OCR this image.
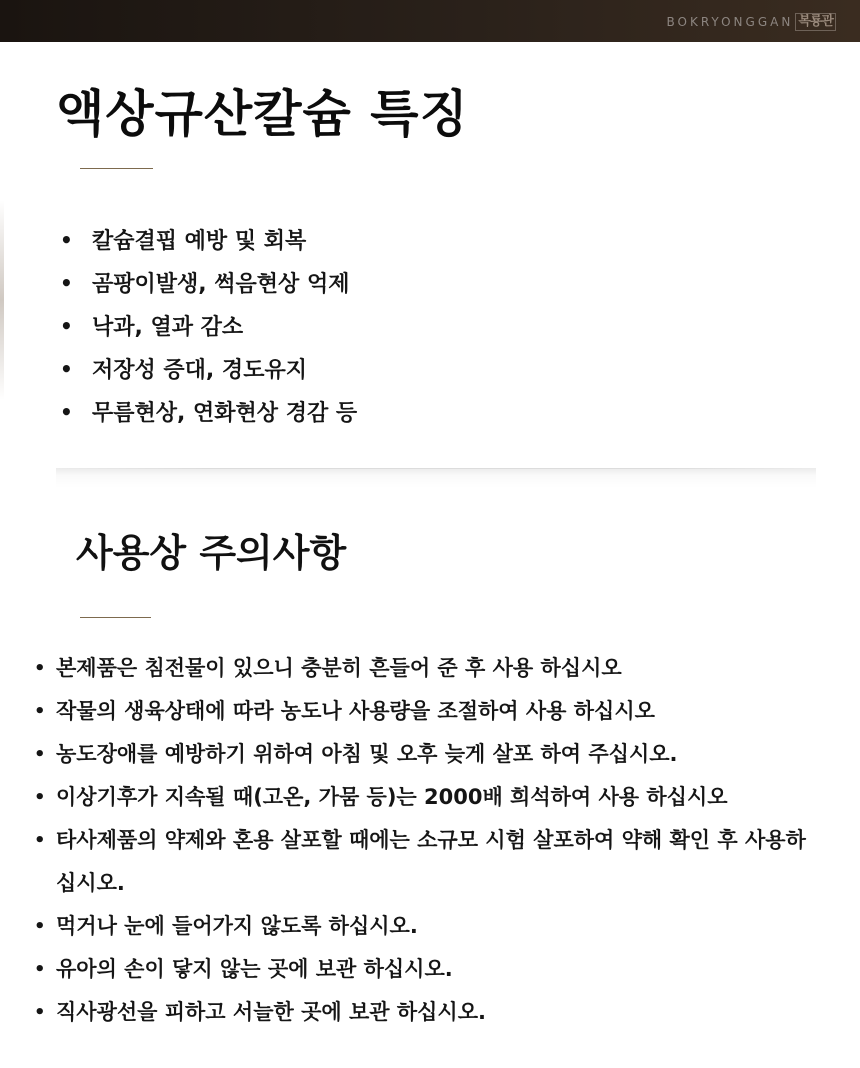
BOKRYONGGAN 복룡관
액상규산칼슘 특징
• 칼슘결핍 예방 및 회복
• 곰팡이발생, 썩음현상 억제
• 낙과, 열과 감소
• 저장성 증대, 경도유지
• 무름현상, 연화현상 경감 등
사용상 주의사항
• 본제품은 침전물이 있으니 충분히 흔들어 준 후 사용 하십시오
• 작물의 생육상태에 따라 농도나 사용량을 조절하여 사용 하십시오
• 농도장애를 예방하기 위하여 아침 및 오후 늦게 살포 하여 주십시오.
• 이상기후가 지속될 때(고온, 가뭄 등)는 2000배 희석하여 사용 하십시오
• 타사제품의 약제와 혼용 살포할 때에는 소규모 시험 살포하여 약해 확인 후 사용하십시오.
• 먹거나 눈에 들어가지 않도록 하십시오.
• 유아의 손이 닿지 않는 곳에 보관 하십시오.
• 직사광선을 피하고 서늘한 곳에 보관 하십시오.
